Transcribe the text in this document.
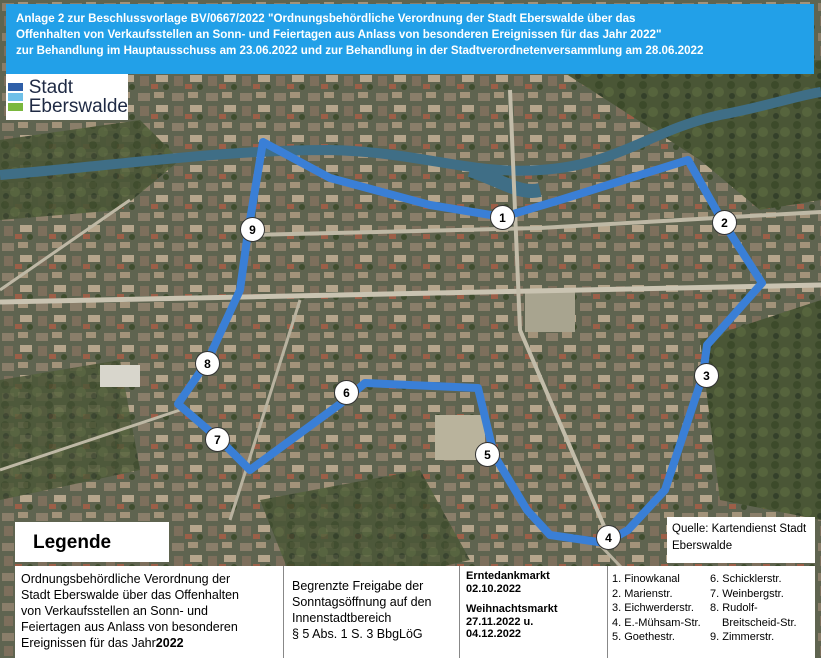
Anlage 2 zur Beschlussvorlage BV/0667/2022 "Ordnungsbehördliche Verordnung der Stadt Eberswalde über das
Offenhalten von Verkaufsstellen an Sonn- und Feiertagen aus Anlass von besonderen Ereignissen für das Jahr 2022"
zur Behandlung im Hauptausschuss am 23.06.2022 und zur Behandlung in der Stadtverordnetenversammlung am 28.06.2022
Stadt
Eberswalde
1	2
3
4
5
6
7
8
9
Legende
Quelle: Kartendienst Stadt
Eberswalde
Ordnungsbehördliche Verordnung der
Stadt Eberswalde über das Offenhalten
von Verkaufsstellen an Sonn- und
Feiertagen aus Anlass von besonderen
Ereignissen für das Jahr2022
Begrenzte Freigabe der
Sonntagsöffnung auf den
Innenstadtbereich
§ 5 Abs. 1 S. 3 BbgLöG
Erntedankmarkt
02.10.2022
Weihnachtsmarkt
27.11.2022 u.
04.12.2022
1. Finowkanal
2. Marienstr.
3. Eichwerderstr.
4. E.-Mühsam-Str.
5. Goethestr.
6. Schicklerstr.
7. Weinbergstr.
8. Rudolf-
Breitscheid-Str.
9. Zimmerstr.
